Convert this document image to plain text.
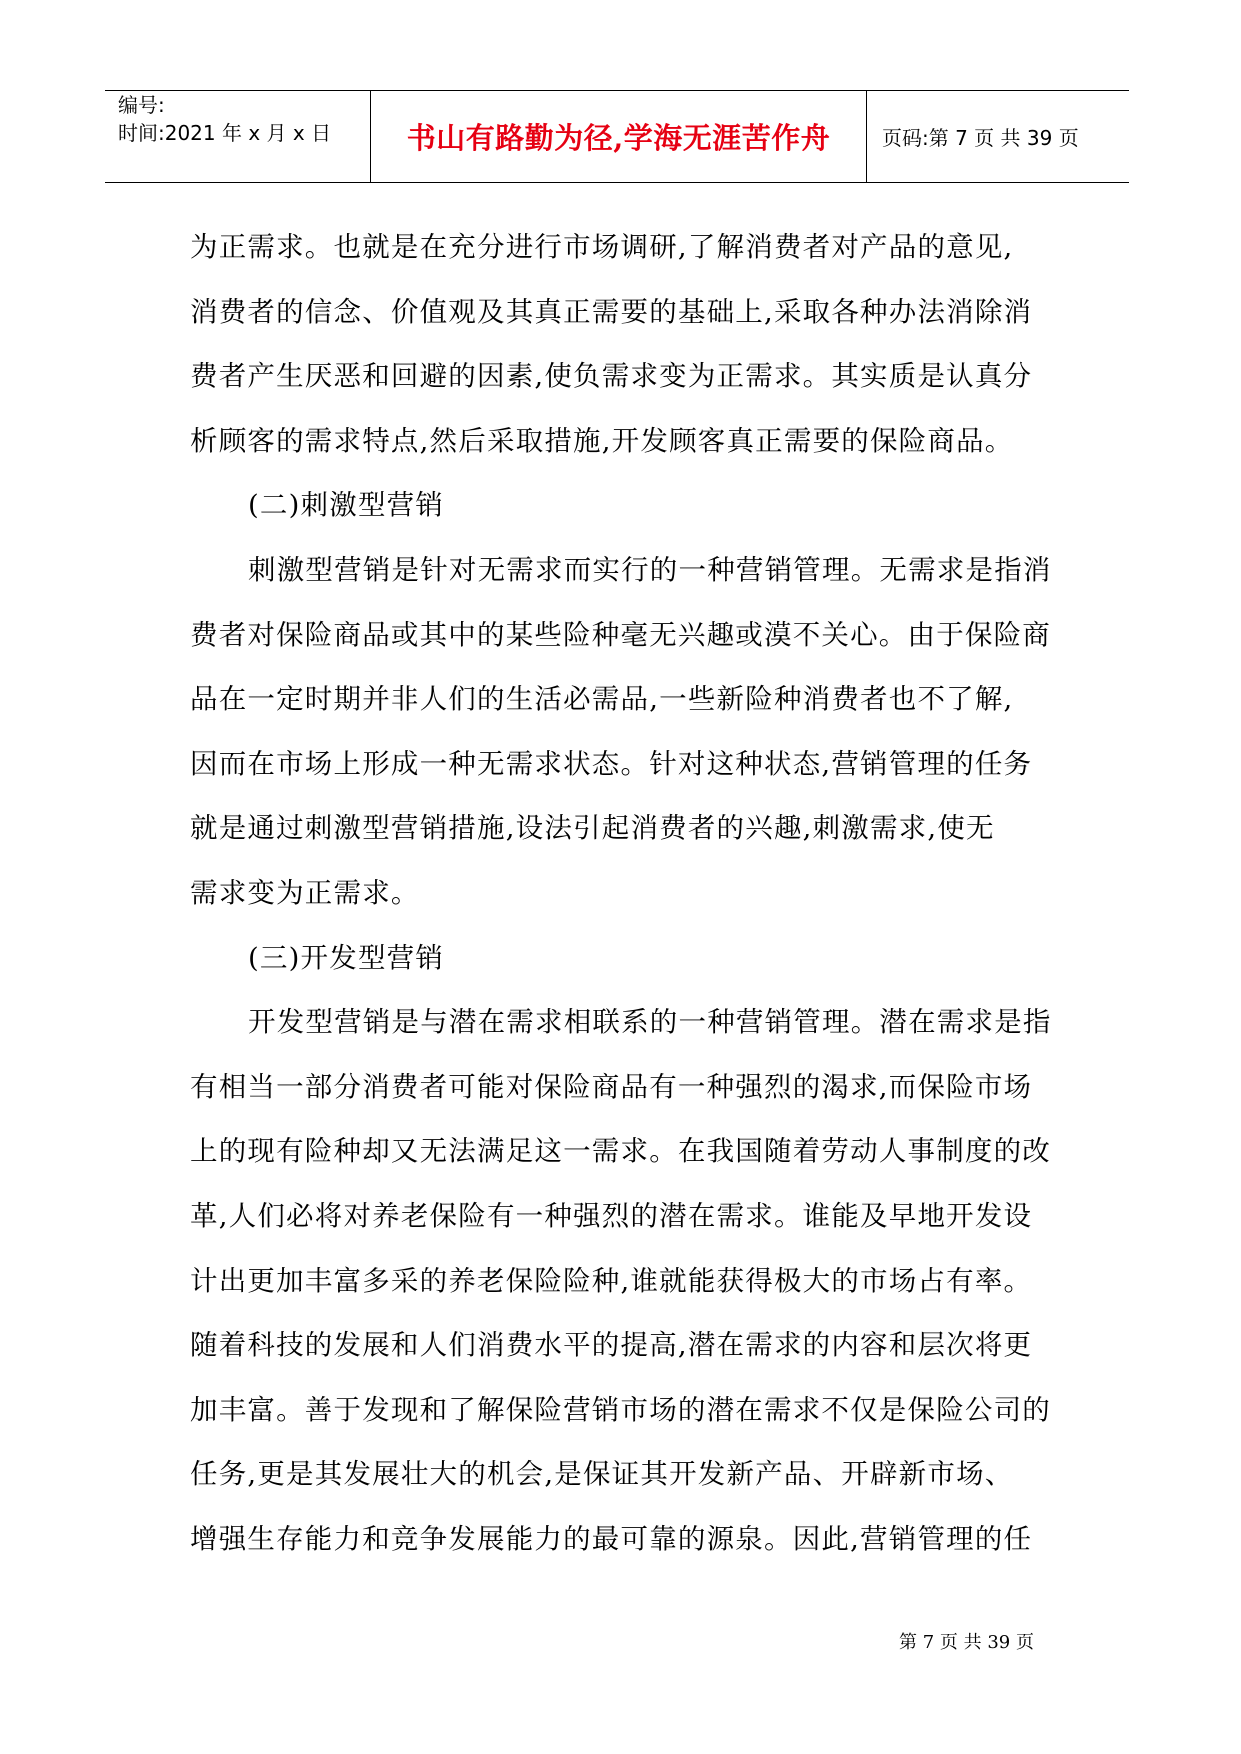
编号:
时间:2021 年 x 月 x 日	书山有路勤为径,学海无涯苦作舟	页码:第 7 页 共 39 页
为正需求。也就是在充分进行市场调研,了解消费者对产品的意见,
消费者的信念、价值观及其真正需要的基础上,采取各种办法消除消
费者产生厌恶和回避的因素,使负需求变为正需求。其实质是认真分
析顾客的需求特点,然后采取措施,开发顾客真正需要的保险商品。
(二)刺激型营销
刺激型营销是针对无需求而实行的一种营销管理。无需求是指消
费者对保险商品或其中的某些险种毫无兴趣或漠不关心。由于保险商
品在一定时期并非人们的生活必需品,一些新险种消费者也不了解,
因而在市场上形成一种无需求状态。针对这种状态,营销管理的任务
就是通过刺激型营销措施,设法引起消费者的兴趣,刺激需求,使无
需求变为正需求。
(三)开发型营销
开发型营销是与潜在需求相联系的一种营销管理。潜在需求是指
有相当一部分消费者可能对保险商品有一种强烈的渴求,而保险市场
上的现有险种却又无法满足这一需求。在我国随着劳动人事制度的改
革,人们必将对养老保险有一种强烈的潜在需求。谁能及早地开发设
计出更加丰富多采的养老保险险种,谁就能获得极大的市场占有率。
随着科技的发展和人们消费水平的提高,潜在需求的内容和层次将更
加丰富。善于发现和了解保险营销市场的潜在需求不仅是保险公司的
任务,更是其发展壮大的机会,是保证其开发新产品、开辟新市场、
增强生存能力和竞争发展能力的最可靠的源泉。因此,营销管理的任
第 7 页 共 39 页
